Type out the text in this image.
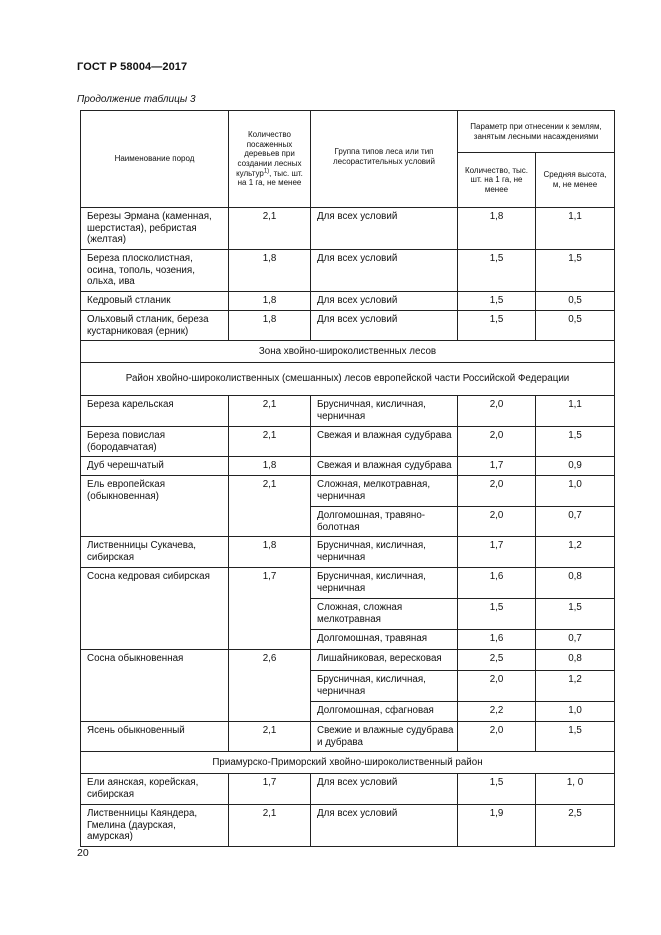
ГОСТ Р 58004—2017
Продолжение таблицы 3
Наименование пород	Количество посаженных деревьев при создании лесных культур$^{1)}$, тыс. шт. на 1 га, не менее	Группа типов леса или тип лесорастительных условий	Параметр при отнесении к землям, занятым лесными насаждениями	
			Количество, тыс. шт. на 1 га, не менее	Средняя высота, м, не менее
Березы Эрмана (каменная, шерстистая), ребристая (желтая)	2,1	Для всех условий	1,8	1,1
Береза плосколистная, осина, тополь, чозения, ольха, ива	1,8	Для всех условий	1,5	1,5
Кедровый стланик	1,8	Для всех условий	1,5	0,5
Ольховый стланик, береза кустарниковая (ерник)	1,8	Для всех условий	1,5	0,5
Зона хвойно-широколиственных лесов				
Район хвойно-широколиственных (смешанных) лесов европейской части Российской Федерации				
Береза карельская	2,1	Брусничная, кисличная, черничная	2,0	1,1
Береза повислая (бородавчатая)	2,1	Свежая и влажная судубрава	2,0	1,5
Дуб черешчатый	1,8	Свежая и влажная судубрава	1,7	0,9
Ель европейская (обыкновенная)	2,1	Сложная, мелкотравная, черничная	2,0	1,0
		Долгомошная, травяно-болотная	2,0	0,7
Лиственницы Сукачева, сибирская	1,8	Брусничная, кисличная, черничная	1,7	1,2
Сосна кедровая сибирская	1,7	Брусничная, кисличная, черничная	1,6	0,8
		Сложная, сложная мелкотравная	1,5	1,5
		Долгомошная, травяная	1,6	0,7
Сосна обыкновенная	2,6	Лишайниковая, вересковая	2,5	0,8
		Брусничная, кисличная, черничная	2,0	1,2
		Долгомошная, сфагновая	2,2	1,0
Ясень обыкновенный	2,1	Свежие и влажные судубрава и дубрава	2,0	1,5
Приамурско-Приморский хвойно-широколиственный район				
Ели аянская, корейская, сибирская	1,7	Для всех условий	1,5	1, 0
Лиственницы Каяндера, Гмелина (даурская, амурская)	2,1	Для всех условий	1,9	2,5
20
